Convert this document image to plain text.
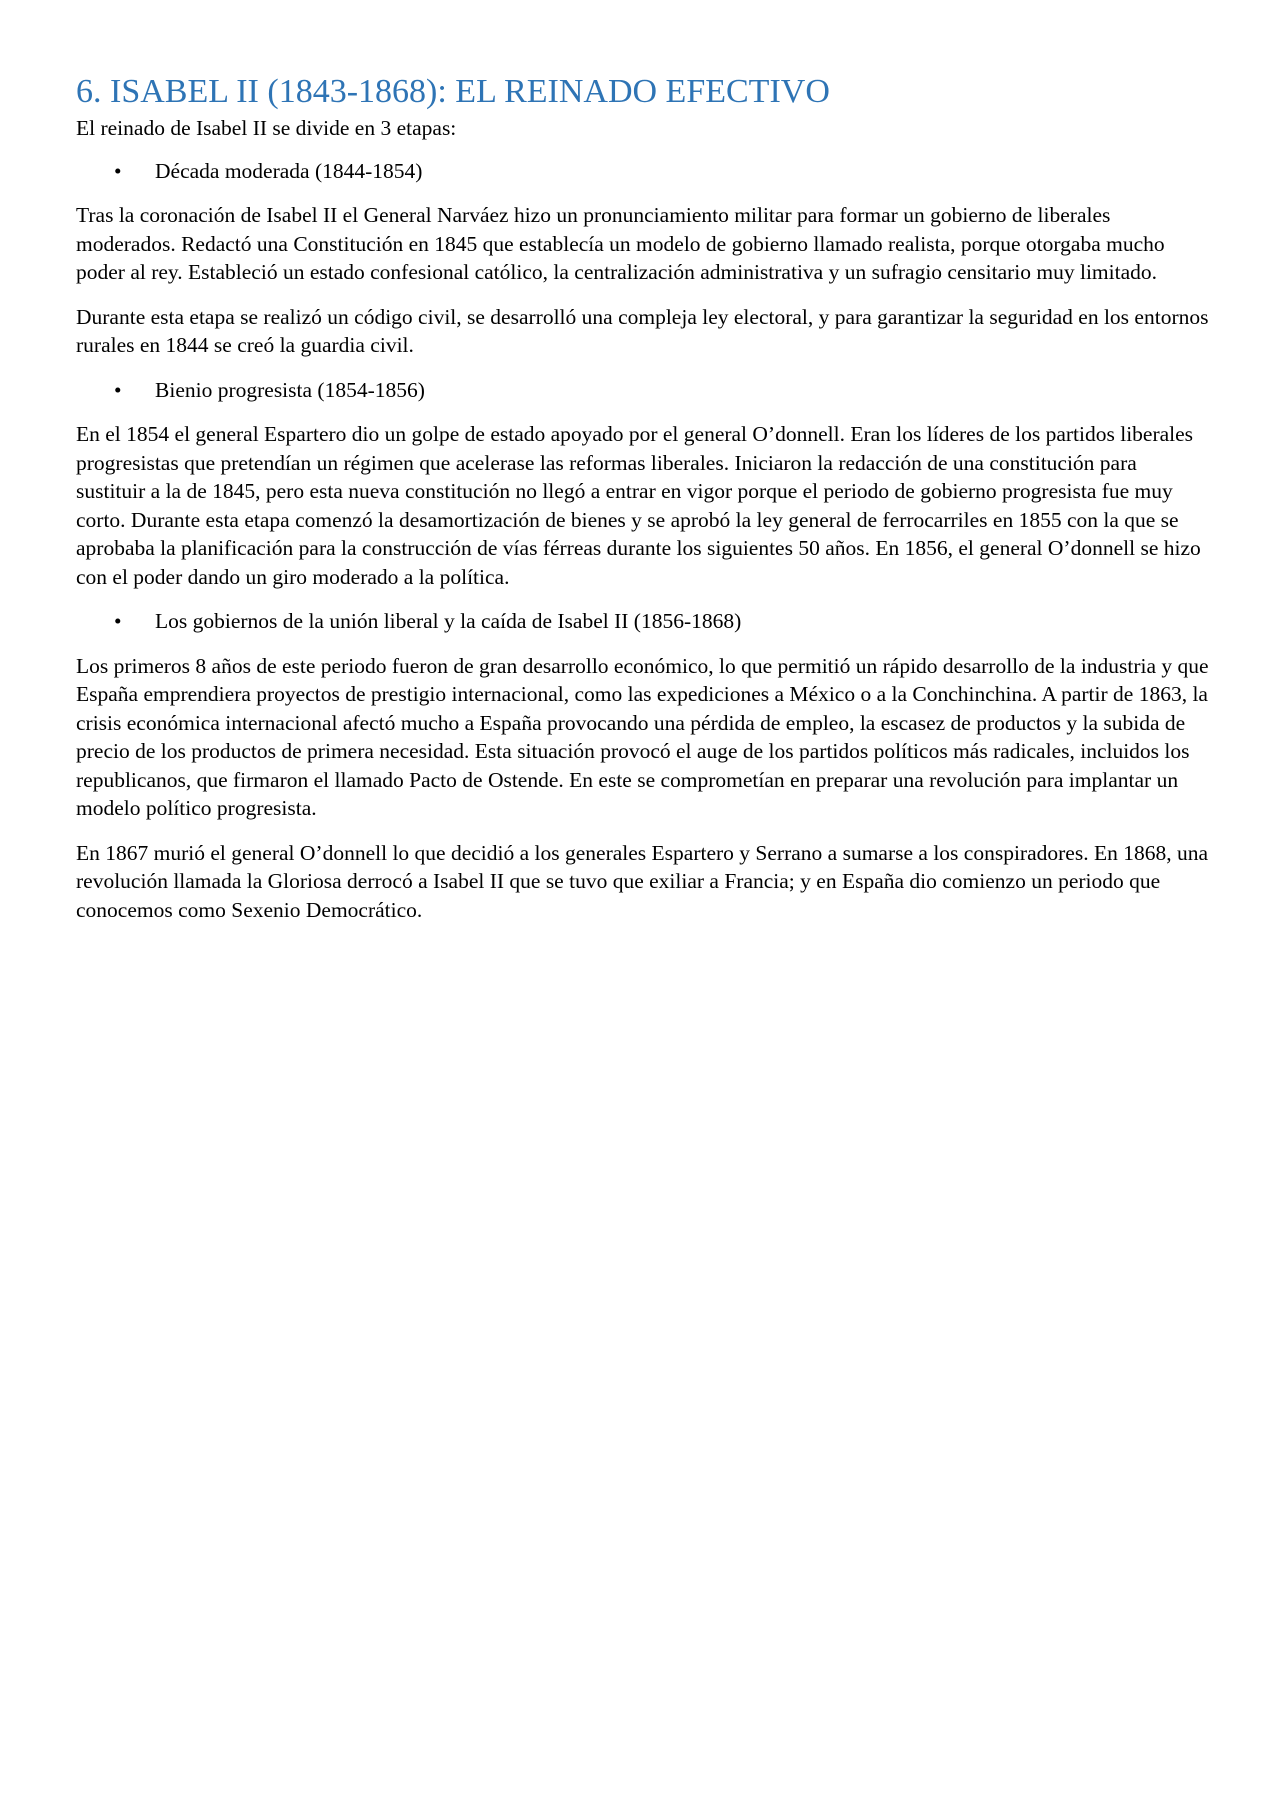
6. ISABEL II (1843-1868): EL REINADO EFECTIVO

El reinado de Isabel II se divide en 3 etapas:

•	Década moderada (1844-1854)

Tras la coronación de Isabel II el General Narváez hizo un pronunciamiento militar para formar un gobierno de liberales moderados. Redactó una Constitución en 1845 que establecía un modelo de gobierno llamado realista, porque otorgaba mucho poder al rey. Estableció un estado confesional católico, la centralización administrativa y un sufragio censitario muy limitado.

Durante esta etapa se realizó un código civil, se desarrolló una compleja ley electoral, y para garantizar la seguridad en los entornos rurales en 1844 se creó la guardia civil.

•	Bienio progresista (1854-1856)

En el 1854 el general Espartero dio un golpe de estado apoyado por el general O’donnell. Eran los líderes de los partidos liberales progresistas que pretendían un régimen que acelerase las reformas liberales. Iniciaron la redacción de una constitución para sustituir a la de 1845, pero esta nueva constitución no llegó a entrar en vigor porque el periodo de gobierno progresista fue muy corto. Durante esta etapa comenzó la desamortización de bienes y se aprobó la ley general de ferrocarriles en 1855 con la que se aprobaba la planificación para la construcción de vías férreas durante los siguientes 50 años. En 1856, el general O’donnell se hizo con el poder dando un giro moderado a la política.

•	Los gobiernos de la unión liberal y la caída de Isabel II (1856-1868)

Los primeros 8 años de este periodo fueron de gran desarrollo económico, lo que permitió un rápido desarrollo de la industria y que España emprendiera proyectos de prestigio internacional, como las expediciones a México o a la Conchinchina. A partir de 1863, la crisis económica internacional afectó mucho a España provocando una pérdida de empleo, la escasez de productos y la subida de precio de los productos de primera necesidad. Esta situación provocó el auge de los partidos políticos más radicales, incluidos los republicanos, que firmaron el llamado Pacto de Ostende. En este se comprometían en preparar una revolución para implantar un modelo político progresista.

En 1867 murió el general O’donnell lo que decidió a los generales Espartero y Serrano a sumarse a los conspiradores. En 1868, una revolución llamada la Gloriosa derrocó a Isabel II que se tuvo que exiliar a Francia; y en España dio comienzo un periodo que conocemos como Sexenio Democrático.
